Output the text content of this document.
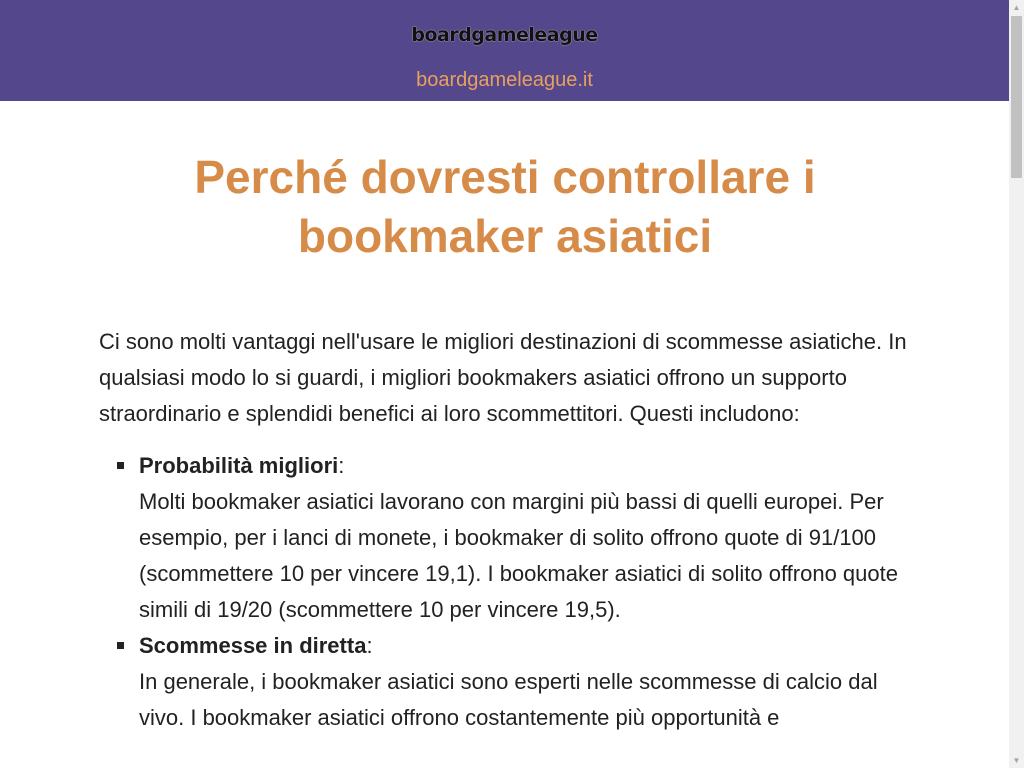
boardgameleague
boardgameleague.it
Perché dovresti controllare i bookmaker asiatici

Ci sono molti vantaggi nell'usare le migliori destinazioni di scommesse asiatiche. In qualsiasi modo lo si guardi, i migliori bookmakers asiatici offrono un supporto straordinario e splendidi benefici ai loro scommettitori. Questi includono:

Probabilità migliori:
Molti bookmaker asiatici lavorano con margini più bassi di quelli europei. Per esempio, per i lanci di monete, i bookmaker di solito offrono quote di 91/100 (scommettere 10 per vincere 19,1). I bookmaker asiatici di solito offrono quote simili di 19/20 (scommettere 10 per vincere 19,5).
Scommesse in diretta:
In generale, i bookmaker asiatici sono esperti nelle scommesse di calcio dal vivo. I bookmaker asiatici offrono costantemente più opportunità e
▲
▼
